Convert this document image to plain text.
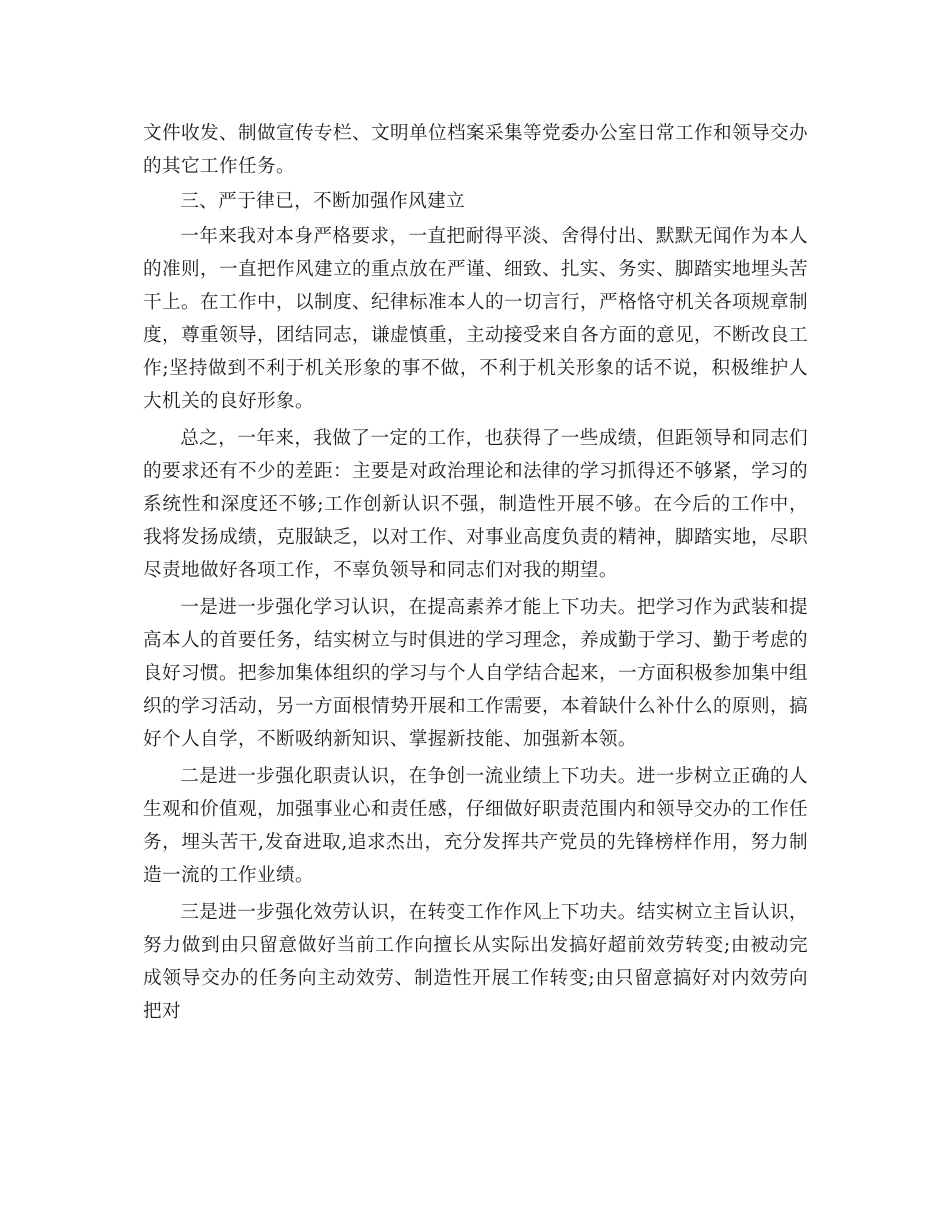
文件收发、制做宣传专栏、文明单位档案采集等党委办公室日常工作和领导交办的其它工作任务。

三、严于律已，不断加强作风建立

一年来我对本身严格要求，一直把耐得平淡、舍得付出、默默无闻作为本人的准则，一直把作风建立的重点放在严谨、细致、扎实、务实、脚踏实地埋头苦干上。在工作中，以制度、纪律标准本人的一切言行，严格恪守机关各项规章制度，尊重领导，团结同志，谦虚慎重，主动接受来自各方面的意见，不断改良工作;坚持做到不利于机关形象的事不做，不利于机关形象的话不说，积极维护人大机关的良好形象。

总之，一年来，我做了一定的工作，也获得了一些成绩，但距领导和同志们的要求还有不少的差距：主要是对政治理论和法律的学习抓得还不够紧，学习的系统性和深度还不够;工作创新认识不强，制造性开展不够。在今后的工作中，我将发扬成绩，克服缺乏，以对工作、对事业高度负责的精神，脚踏实地，尽职尽责地做好各项工作，不辜负领导和同志们对我的期望。

一是进一步强化学习认识，在提高素养才能上下功夫。把学习作为武装和提高本人的首要任务，结实树立与时俱进的学习理念，养成勤于学习、勤于考虑的良好习惯。把参加集体组织的学习与个人自学结合起来，一方面积极参加集中组织的学习活动，另一方面根情势开展和工作需要，本着缺什么补什么的原则，搞好个人自学，不断吸纳新知识、掌握新技能、加强新本领。

二是进一步强化职责认识，在争创一流业绩上下功夫。进一步树立正确的人生观和价值观，加强事业心和责任感，仔细做好职责范围内和领导交办的工作任务，埋头苦干,发奋进取,追求杰出，充分发挥共产党员的先锋榜样作用，努力制造一流的工作业绩。

三是进一步强化效劳认识，在转变工作作风上下功夫。结实树立主旨认识，努力做到由只留意做好当前工作向擅长从实际出发搞好超前效劳转变;由被动完成领导交办的任务向主动效劳、制造性开展工作转变;由只留意搞好对内效劳向把对
